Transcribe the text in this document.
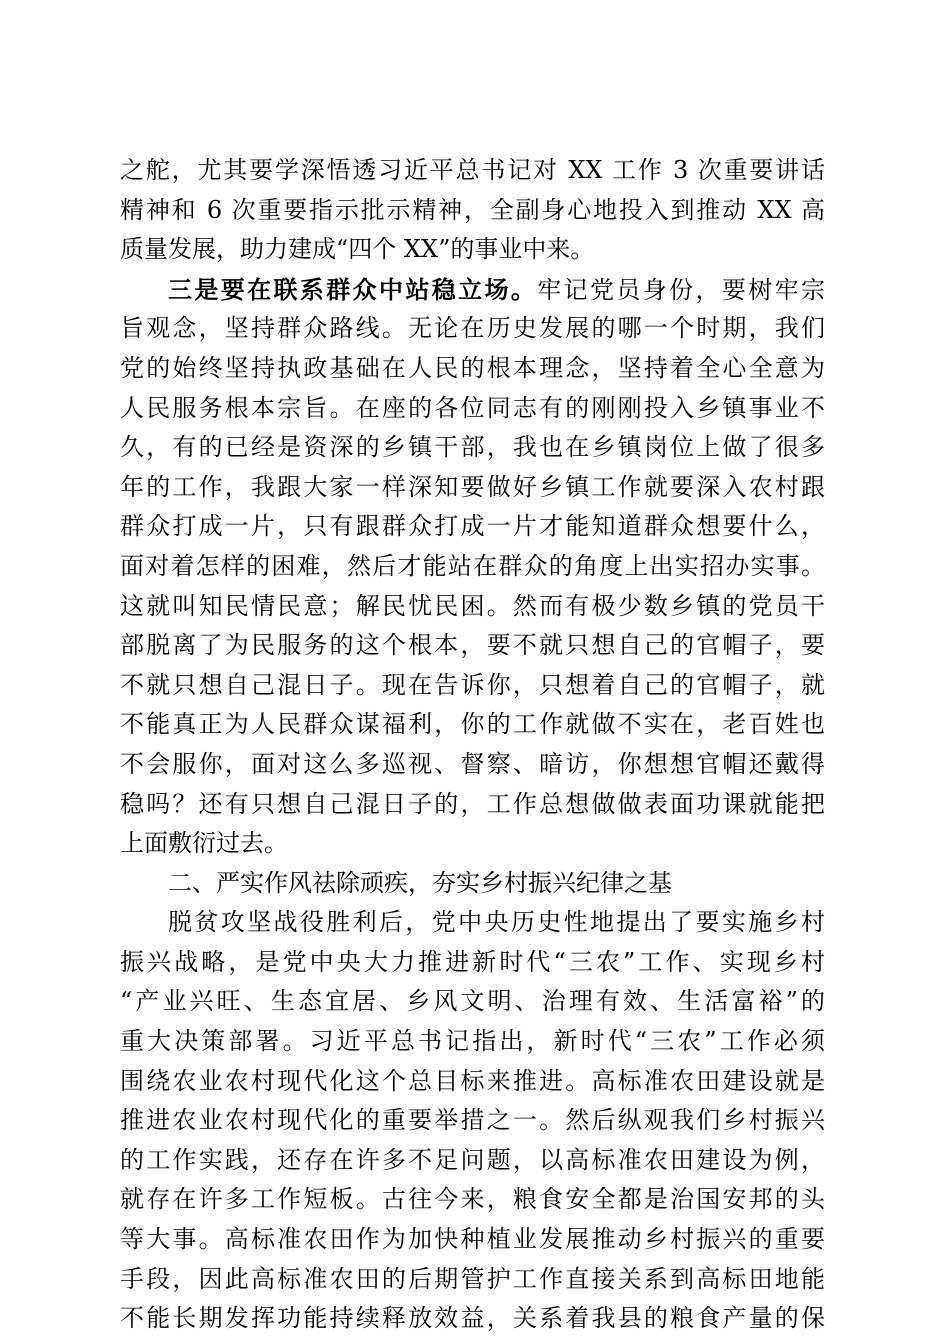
之舵，尤其要学深悟透习近平总书记对 XX 工作 3 次重要讲话
精神和 6 次重要指示批示精神，全副身心地投入到推动 XX 高
质量发展，助力建成“四个 XX”的事业中来。
三是要在联系群众中站稳立场。牢记党员身份，要树牢宗
旨观念，坚持群众路线。无论在历史发展的哪一个时期，我们
党的始终坚持执政基础在人民的根本理念，坚持着全心全意为
人民服务根本宗旨。在座的各位同志有的刚刚投入乡镇事业不
久，有的已经是资深的乡镇干部，我也在乡镇岗位上做了很多
年的工作，我跟大家一样深知要做好乡镇工作就要深入农村跟
群众打成一片，只有跟群众打成一片才能知道群众想要什么，
面对着怎样的困难，然后才能站在群众的角度上出实招办实事。
这就叫知民情民意；解民忧民困。然而有极少数乡镇的党员干
部脱离了为民服务的这个根本，要不就只想自己的官帽子，要
不就只想自己混日子。现在告诉你，只想着自己的官帽子，就
不能真正为人民群众谋福利，你的工作就做不实在，老百姓也
不会服你，面对这么多巡视、督察、暗访，你想想官帽还戴得
稳吗？还有只想自己混日子的，工作总想做做表面功课就能把
上面敷衍过去。
二、严实作风祛除顽疾，夯实乡村振兴纪律之基
脱贫攻坚战役胜利后，党中央历史性地提出了要实施乡村
振兴战略，是党中央大力推进新时代“三农”工作、实现乡村
“产业兴旺、生态宜居、乡风文明、治理有效、生活富裕”的
重大决策部署。习近平总书记指出，新时代“三农”工作必须
围绕农业农村现代化这个总目标来推进。高标准农田建设就是
推进农业农村现代化的重要举措之一。然后纵观我们乡村振兴
的工作实践，还存在许多不足问题，以高标准农田建设为例，
就存在许多工作短板。古往今来，粮食安全都是治国安邦的头
等大事。高标准农田作为加快种植业发展推动乡村振兴的重要
手段，因此高标准农田的后期管护工作直接关系到高标田地能
不能长期发挥功能持续释放效益，关系着我县的粮食产量的保
